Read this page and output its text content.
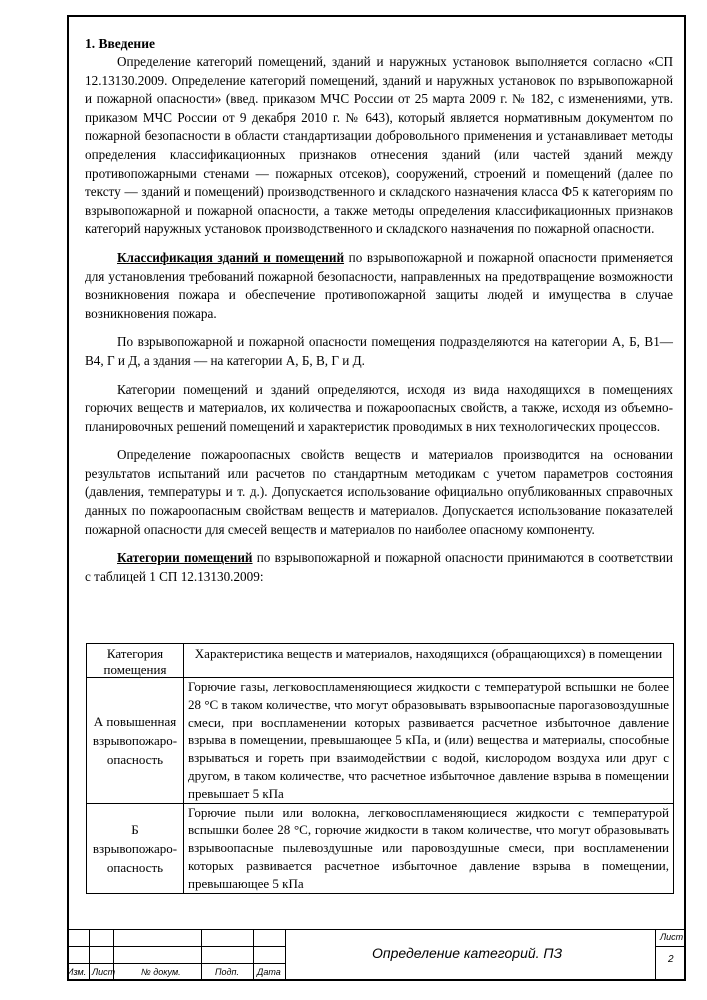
1. Введение

Определение категорий помещений, зданий и наружных установок выполняется согласно «СП 12.13130.2009. Определение категорий помещений, зданий и наружных установок по взрывопожарной и пожарной опасности» (введ. приказом МЧС России от 25 марта 2009 г. № 182, с изменениями, утв. приказом МЧС России от 9 декабря 2010 г. № 643), который является нормативным документом по пожарной безопасности в области стандартизации добровольного применения и устанавливает методы определения классификационных признаков отнесения зданий (или частей зданий между противопожарными стенами — пожарных отсеков), сооружений, строений и помещений (далее по тексту — зданий и помещений) производственного и складского назначения класса Ф5 к категориям по взрывопожарной и пожарной опасности, а также методы определения классификационных признаков категорий наружных установок производственного и складского назначения по пожарной опасности.

Классификация зданий и помещений по взрывопожарной и пожарной опасности применяется для установления требований пожарной безопасности, направленных на предотвращение возможности возникновения пожара и обеспечение противопожарной защиты людей и имущества в случае возникновения пожара.

По взрывопожарной и пожарной опасности помещения подразделяются на категории А, Б, В1—В4, Г и Д, а здания — на категории А, Б, В, Г и Д.

Категории помещений и зданий определяются, исходя из вида находящихся в помещениях горючих веществ и материалов, их количества и пожароопасных свойств, а также, исходя из объемно-планировочных решений помещений и характеристик проводимых в них технологических процессов.

Определение пожароопасных свойств веществ и материалов производится на основании результатов испытаний или расчетов по стандартным методикам с учетом параметров состояния (давления, температуры и т. д.). Допускается использование официально опубликованных справочных данных по пожароопасным свойствам веществ и материалов. Допускается использование показателей пожарной опасности для смесей веществ и материалов по наиболее опасному компоненту.

Категории помещений по взрывопожарной и пожарной опасности принимаются в соответствии с таблицей 1 СП 12.13130.2009:

Категория помещения	Характеристика веществ и материалов, находящихся (обращающихся) в помещении
А повышенная взрывопожаро-опасность	Горючие газы, легковоспламеняющиеся жидкости с температурой вспышки не более 28 °С в таком количестве, что могут образовывать взрывоопасные парогазовоздушные смеси, при воспламенении которых развивается расчетное избыточное давление взрыва в помещении, превышающее 5 кПа, и (или) вещества и материалы, способные взрываться и гореть при взаимодействии с водой, кислородом воздуха или друг с другом, в таком количестве, что расчетное избыточное давление взрыва в помещении превышает 5 кПа
Б взрывопожаро-опасность	Горючие пыли или волокна, легковоспламеняющиеся жидкости с температурой вспышки более 28 °С, горючие жидкости в таком количестве, что могут образовывать взрывоопасные пылевоздушные или паровоздушные смеси, при воспламенении которых развивается расчетное избыточное давление взрыва в помещении, превышающее 5 кПа
Изм. Лист	№ докум.	Подп. Дата
Определение категорий. ПЗ
Лист
2
